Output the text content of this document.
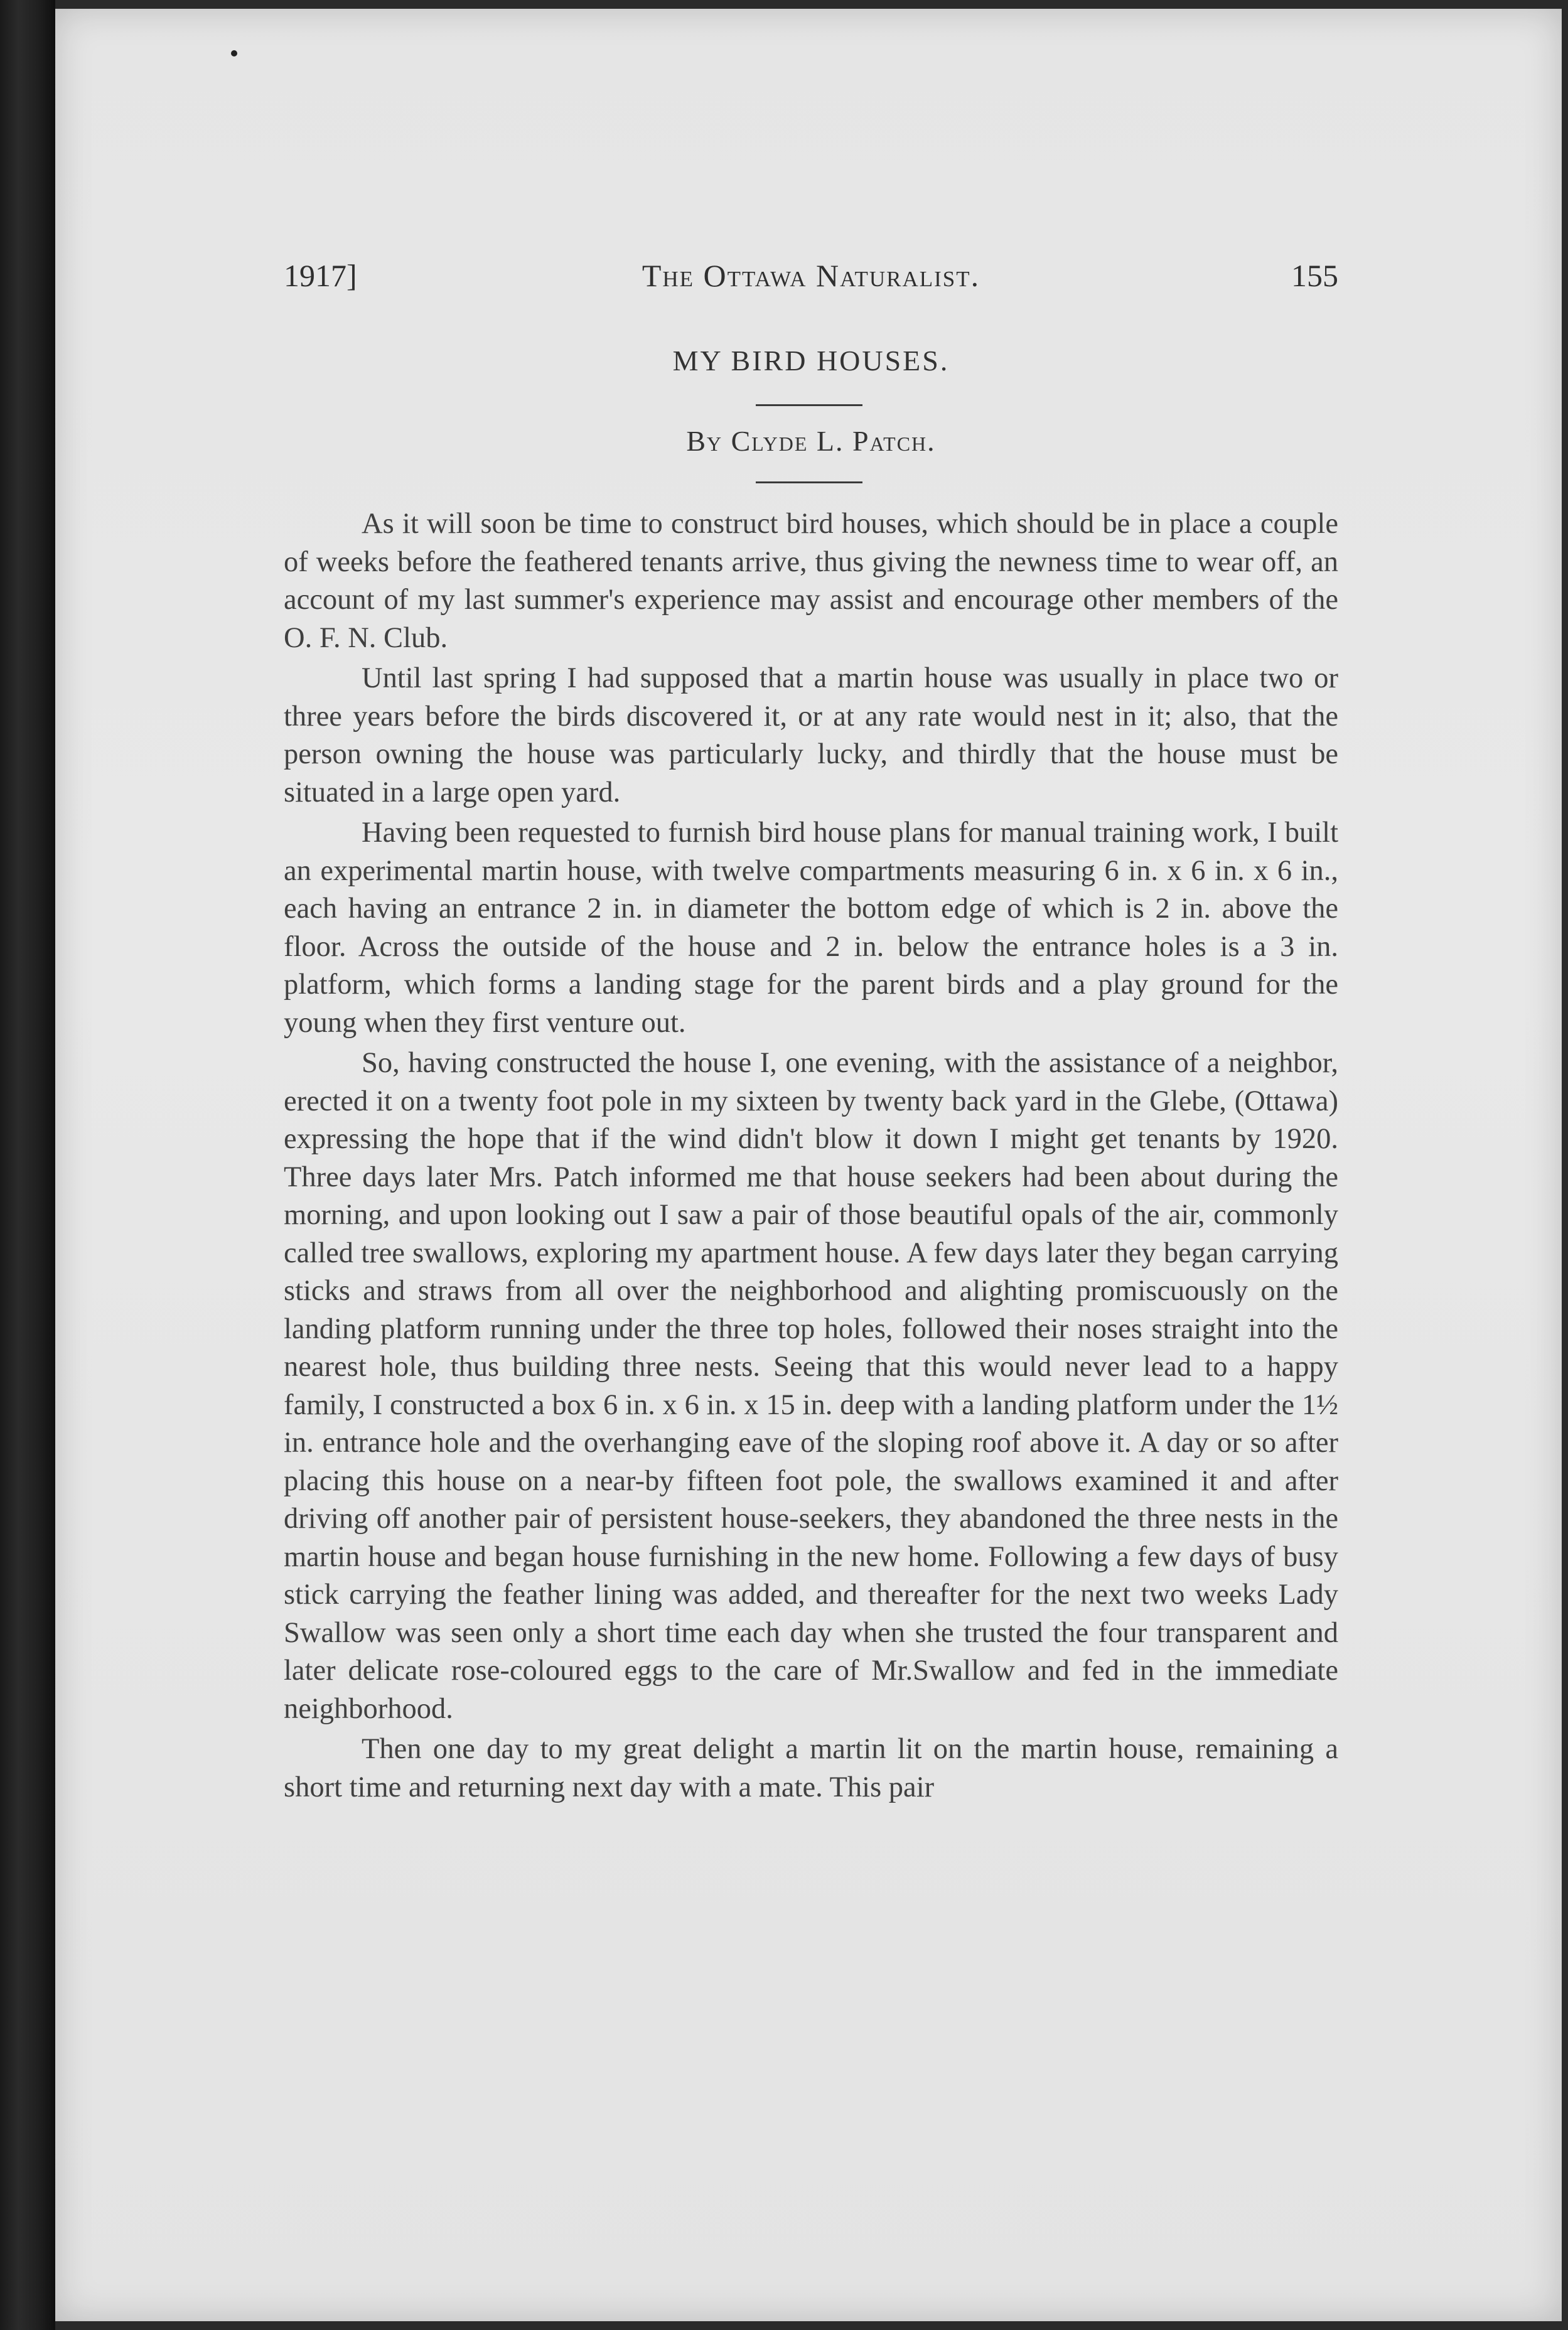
1917]	The Ottawa Naturalist.	155
MY BIRD HOUSES.
By Clyde L. Patch.

As it will soon be time to construct bird houses, which should be in place a couple of weeks before the feathered tenants arrive, thus giving the newness time to wear off, an account of my last summer's experience may assist and encourage other members of the O. F. N. Club.

Until last spring I had supposed that a martin house was usually in place two or three years before the birds discovered it, or at any rate would nest in it; also, that the person owning the house was particularly lucky, and thirdly that the house must be situated in a large open yard.

Having been requested to furnish bird house plans for manual training work, I built an experimental martin house, with twelve compartments measuring 6 in. x 6 in. x 6 in., each having an entrance 2 in. in diameter the bottom edge of which is 2 in. above the floor. Across the outside of the house and 2 in. below the entrance holes is a 3 in. platform, which forms a landing stage for the parent birds and a play ground for the young when they first venture out.

So, having constructed the house I, one evening, with the assistance of a neighbor, erected it on a twenty foot pole in my sixteen by twenty back yard in the Glebe, (Ottawa) expressing the hope that if the wind didn't blow it down I might get tenants by 1920. Three days later Mrs. Patch informed me that house seekers had been about during the morning, and upon looking out I saw a pair of those beautiful opals of the air, commonly called tree swallows, exploring my apartment house. A few days later they began carrying sticks and straws from all over the neighborhood and alighting promiscuously on the landing platform running under the three top holes, followed their noses straight into the nearest hole, thus building three nests. Seeing that this would never lead to a happy family, I constructed a box 6 in. x 6 in. x 15 in. deep with a landing platform under the 1½ in. entrance hole and the overhanging eave of the sloping roof above it. A day or so after placing this house on a near-by fifteen foot pole, the swallows examined it and after driving off another pair of persistent house-seekers, they abandoned the three nests in the martin house and began house furnishing in the new home. Following a few days of busy stick carrying the feather lining was added, and thereafter for the next two weeks Lady Swallow was seen only a short time each day when she trusted the four transparent and later delicate rose-coloured eggs to the care of Mr.Swallow and fed in the immediate neighborhood.

Then one day to my great delight a martin lit on the martin house, remaining a short time and returning next day with a mate. This pair
